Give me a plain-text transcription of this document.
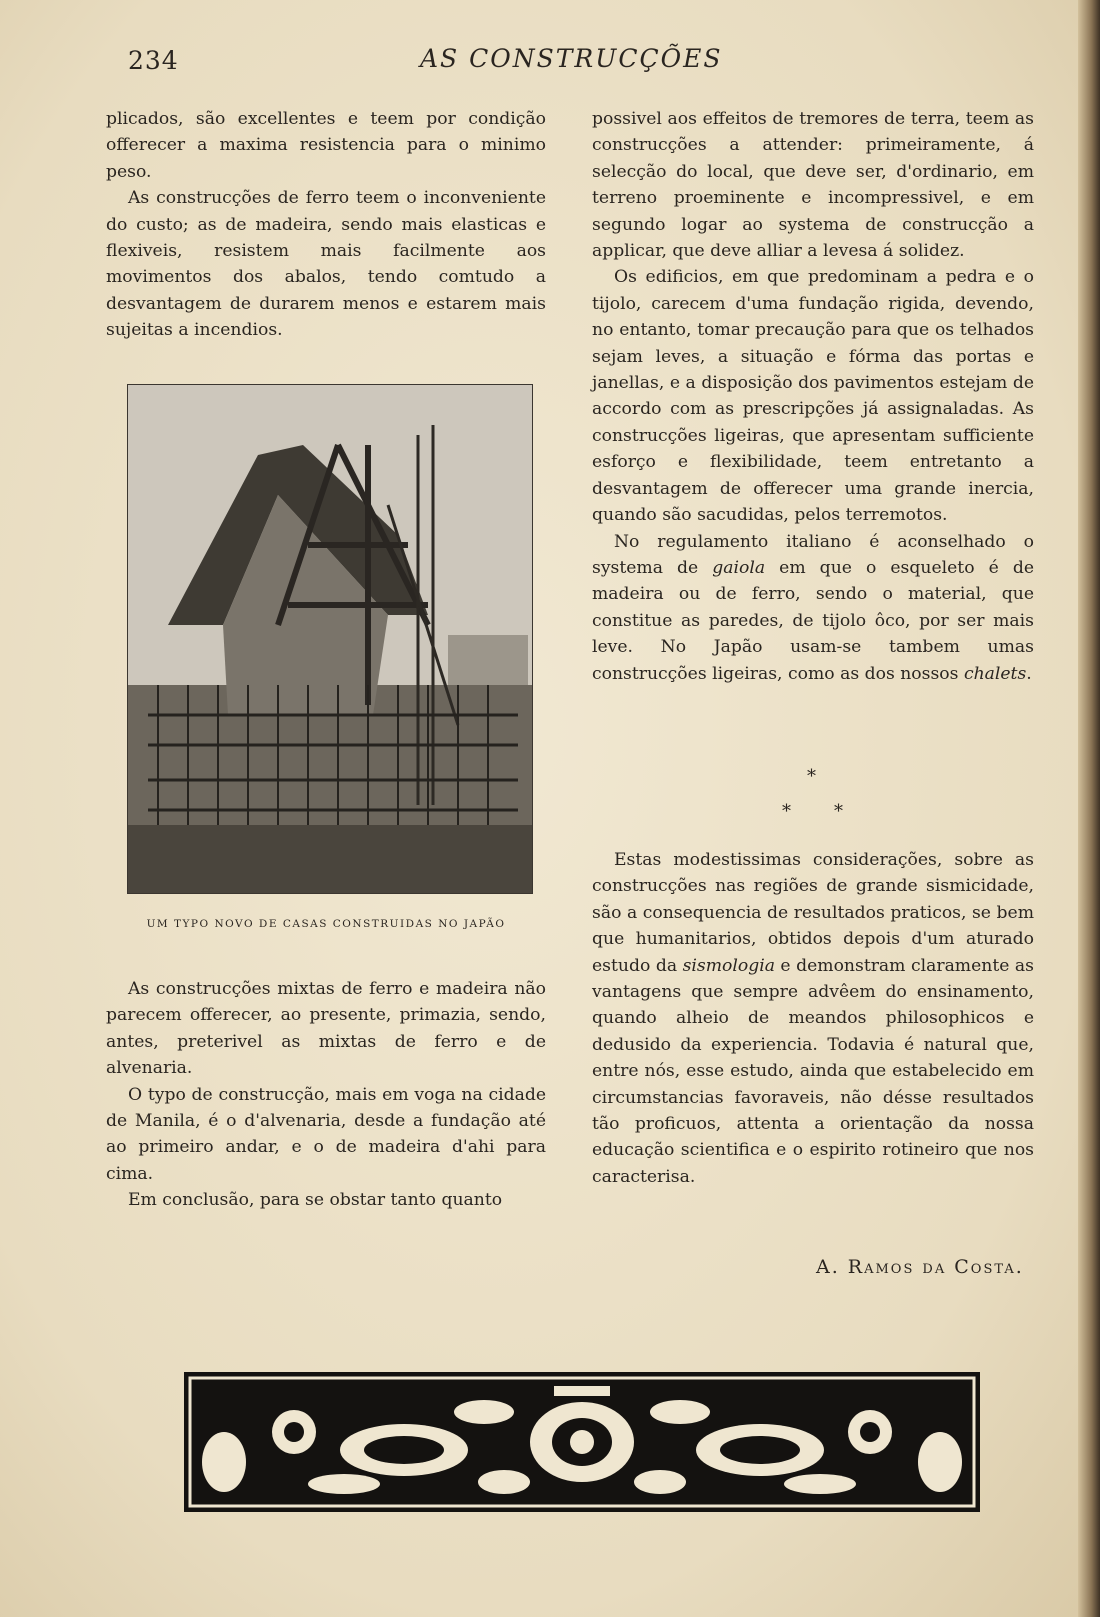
234	AS CONSTRUCÇÕES

plicados, são excellentes e teem por condição offerecer a maxima resistencia para o minimo peso.

As construcções de ferro teem o inconveniente do custo; as de madeira, sendo mais elasticas e flexiveis, resistem mais facilmente aos movimentos dos abalos, tendo comtudo a desvantagem de durarem menos e estarem mais sujeitas a incendios.

UM TYPO NOVO DE CASAS CONSTRUIDAS NO JAPÃO

As construcções mixtas de ferro e madeira não parecem offerecer, ao presente, primazia, sendo, antes, preterivel as mixtas de ferro e de alvenaria.

O typo de construcção, mais em voga na cidade de Manila, é o d'alvenaria, desde a fundação até ao primeiro andar, e o de madeira d'ahi para cima.

Em conclusão, para se obstar tanto quanto

possivel aos effeitos de tremores de terra, teem as construcções a attender: primeiramente, á selecção do local, que deve ser, d'ordinario, em terreno proeminente e incompressivel, e em segundo logar ao systema de construcção a applicar, que deve alliar a levesa á solidez.

Os edificios, em que predominam a pedra e o tijolo, carecem d'uma fundação rigida, devendo, no entanto, tomar precaução para que os telhados sejam leves, a situação e fórma das portas e janellas, e a disposição dos pavimentos estejam de accordo com as prescripções já assignaladas. As construcções ligeiras, que apresentam sufficiente esforço e flexibilidade, teem entretanto a desvantagem de offerecer uma grande inercia, quando são sacudidas, pelos terremotos.

No regulamento italiano é aconselhado o systema de gaiola em que o esqueleto é de madeira ou de ferro, sendo o material, que constitue as paredes, de tijolo ôco, por ser mais leve. No Japão usam-se tambem umas construcções ligeiras, como as dos nossos chalets.

*
* *

Estas modestissimas considerações, sobre as construcções nas regiões de grande sismicidade, são a consequencia de resultados praticos, se bem que humanitarios, obtidos depois d'um aturado estudo da sismologia e demonstram claramente as vantagens que sempre advêem do ensinamento, quando alheio de meandos philosophicos e dedusido da experiencia. Todavia é natural que, entre nós, esse estudo, ainda que estabelecido em circumstancias favoraveis, não désse resultados tão proficuos, attenta a orientação da nossa educação scientifica e o espirito rotineiro que nos caracterisa.

A. Ramos da Costa.
